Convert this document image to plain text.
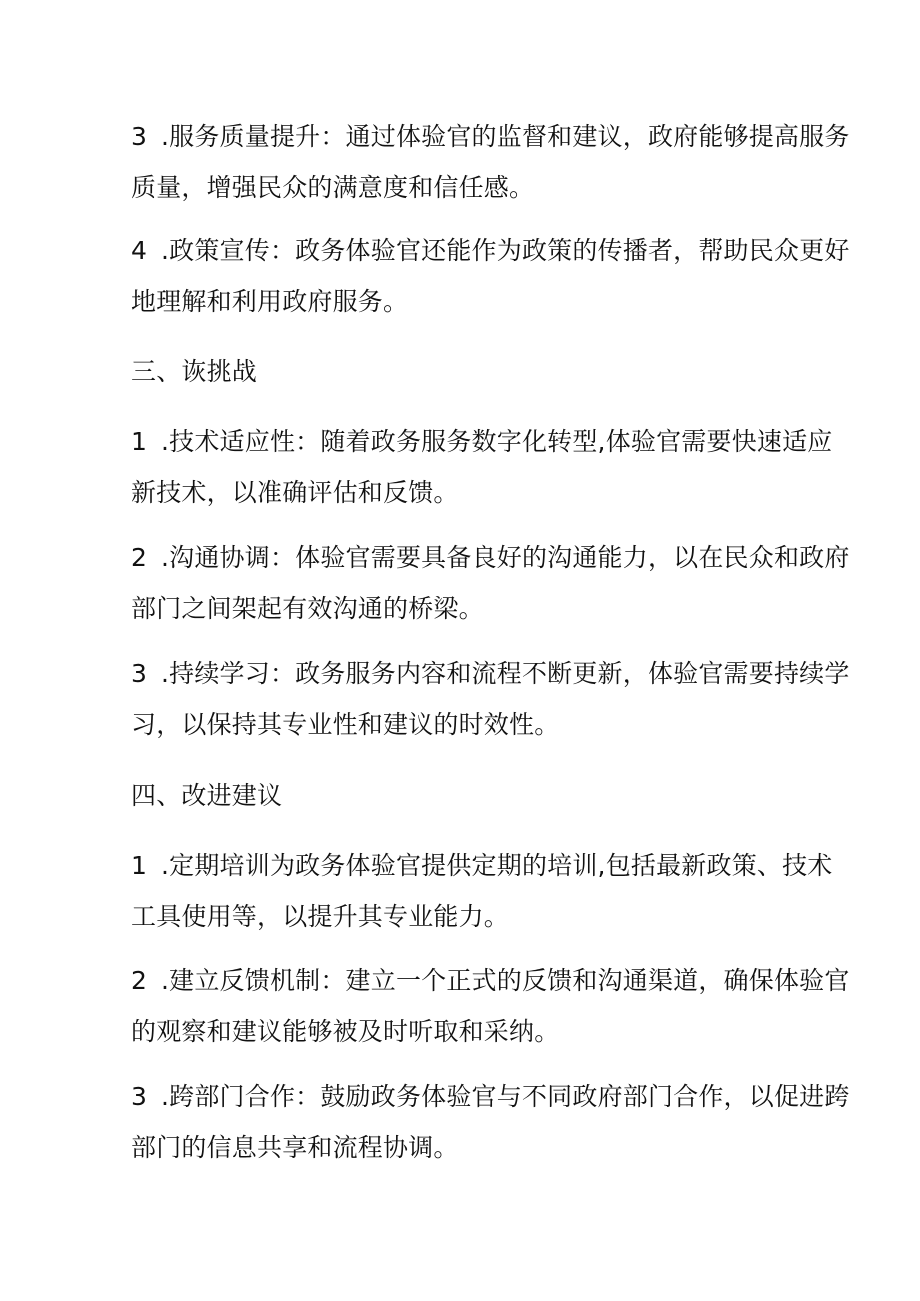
3 .服务质量提升：通过体验官的监督和建议，政府能够提高服务
质量，增强民众的满意度和信任感。
4 .政策宣传：政务体验官还能作为政策的传播者，帮助民众更好
地理解和利用政府服务。
三、诙挑战
1 .技术适应性：随着政务服务数字化转型,体验官需要快速适应
新技术，以准确评估和反馈。
2 .沟通协调：体验官需要具备良好的沟通能力，以在民众和政府
部门之间架起有效沟通的桥梁。
3 .持续学习：政务服务内容和流程不断更新，体验官需要持续学
习，以保持其专业性和建议的时效性。
四、改进建议
1 .定期培训为政务体验官提供定期的培训,包括最新政策、技术
工具使用等，以提升其专业能力。
2 .建立反馈机制：建立一个正式的反馈和沟通渠道，确保体验官
的观察和建议能够被及时听取和采纳。
3 .跨部门合作：鼓励政务体验官与不同政府部门合作，以促进跨
部门的信息共享和流程协调。
